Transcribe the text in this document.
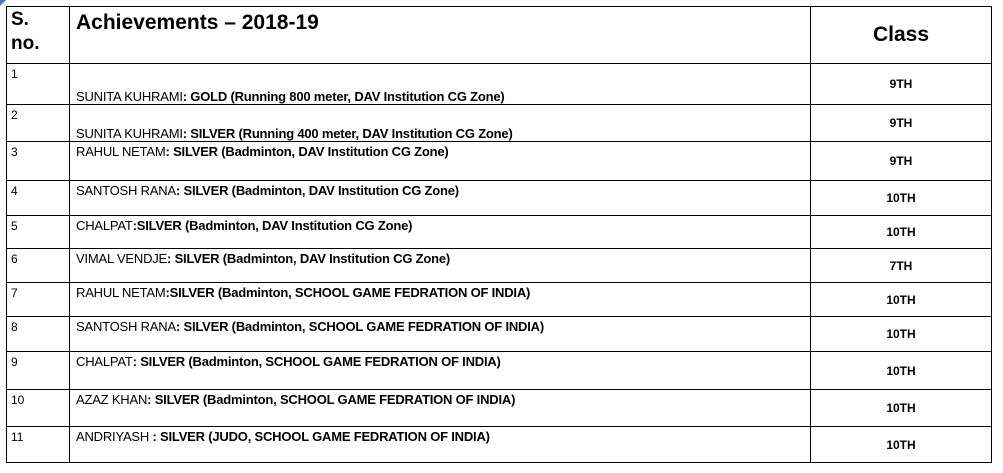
S.
no.	Achievements – 2018-19	Class
1	SUNITA KUHRAMI: GOLD (Running 800 meter, DAV Institution CG Zone)	9TH
2	SUNITA KUHRAMI: SILVER (Running 400 meter, DAV Institution CG Zone)	9TH
3	RAHUL NETAM: SILVER (Badminton, DAV Institution CG Zone)	9TH
4	SANTOSH RANA: SILVER (Badminton, DAV Institution CG Zone)	10TH
5	CHALPAT:SILVER (Badminton, DAV Institution CG Zone)	10TH
6	VIMAL VENDJE: SILVER (Badminton, DAV Institution CG Zone)	7TH
7	RAHUL NETAM:SILVER (Badminton, SCHOOL GAME FEDRATION OF INDIA)	10TH
8	SANTOSH RANA: SILVER (Badminton, SCHOOL GAME FEDRATION OF INDIA)	10TH
9	CHALPAT: SILVER (Badminton, SCHOOL GAME FEDRATION OF INDIA)	10TH
10	AZAZ KHAN: SILVER (Badminton, SCHOOL GAME FEDRATION OF INDIA)	10TH
11	ANDRIYASH : SILVER (JUDO, SCHOOL GAME FEDRATION OF INDIA)	10TH
